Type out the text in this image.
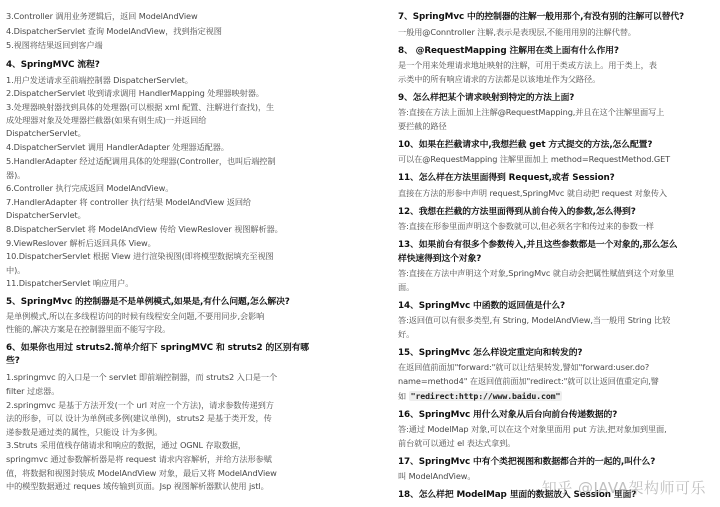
3.Controller 调用业务逻辑后，返回 ModelAndView
4.DispatcherServlet 查询 ModelAndView，找到指定视图
5.视图将结果返回到客户端
4、SpringMVC 流程?
1.用户发送请求至前端控制器 DispatcherServlet。
2.DispatcherServlet 收到请求调用 HandlerMapping 处理器映射器。
3.处理器映射器找到具体的处理器(可以根据 xml 配置、注解进行查找)，生
成处理器对象及处理器拦截器(如果有则生成)一并返回给
DispatcherServlet。
4.DispatcherServlet 调用 HandlerAdapter 处理器适配器。
5.HandlerAdapter 经过适配调用具体的处理器(Controller，也叫后端控制
器)。
6.Controller 执行完成返回 ModelAndView。
7.HandlerAdapter 将 controller 执行结果 ModelAndView 返回给
DispatcherServlet。
8.DispatcherServlet 将 ModelAndView 传给 ViewReslover 视图解析器。
9.ViewReslover 解析后返回具体 View。
10.DispatcherServlet 根据 View 进行渲染视图(即将模型数据填充至视图
中)。
11.DispatcherServlet 响应用户。
5、SpringMvc 的控制器是不是单例模式,如果是,有什么问题,怎么解决?
是单例模式,所以在多线程访问的时候有线程安全问题,不要用同步,会影响
性能的,解决方案是在控制器里面不能写字段。
6、如果你也用过 struts2.简单介绍下 springMVC 和 struts2 的区别有哪
些?
1.springmvc 的入口是一个 servlet 即前端控制器，而 struts2 入口是一个
filter 过虑器。
2.springmvc 是基于方法开发(一个 url 对应一个方法)，请求参数传递到方
法的形参，可以 设计为单例或多例(建议单例)，struts2 是基于类开发，传
递参数是通过类的属性，只能设 计为多例。
3.Struts 采用值栈存储请求和响应的数据，通过 OGNL 存取数据，
springmvc 通过参数解析器是将 request 请求内容解析，并给方法形参赋
值，将数据和视图封装成 ModelAndView 对象，最后又将 ModelAndView
中的模型数据通过 reques 域传输到页面。Jsp 视图解析器默认使用 jstl。
7、SpringMvc 中的控制器的注解一般用那个,有没有别的注解可以替代?
一般用@Conntroller 注解,表示是表现层,不能用用别的注解代替。
8、 @RequestMapping 注解用在类上面有什么作用?
是一个用来处理请求地址映射的注解，可用于类或方法上。用于类上，表
示类中的所有响应请求的方法都是以该地址作为父路径。
9、怎么样把某个请求映射到特定的方法上面?
答:直接在方法上面加上注解@RequestMapping,并且在这个注解里面写上
要拦截的路径
10、如果在拦截请求中,我想拦截 get 方式提交的方法,怎么配置?
可以在@RequestMapping 注解里面加上 method=RequestMethod.GET
11、怎么样在方法里面得到 Request,或者 Session?
直接在方法的形参中声明 request,SpringMvc 就自动把 request 对象传入
12、我想在拦截的方法里面得到从前台传入的参数,怎么得到?
答:直接在形参里面声明这个参数就可以,但必须名字和传过来的参数一样
13、如果前台有很多个参数传入,并且这些参数都是一个对象的,那么怎么
样快速得到这个对象?
答:直接在方法中声明这个对象,SpringMvc 就自动会把属性赋值到这个对象里
面。
14、SpringMvc 中函数的返回值是什么?
答:返回值可以有很多类型,有 String, ModelAndView,当一般用 String 比较
好。
15、SpringMvc 怎么样设定重定向和转发的?
在返回值前面加"forward:"就可以让结果转发,譬如"forward:user.do?
name=method4" 在返回值前面加"redirect:"就可以让返回值重定向,譬
如 "redirect:http://www.baidu.com"
16、SpringMvc 用什么对象从后台向前台传递数据的?
答:通过 ModelMap 对象,可以在这个对象里面用 put 方法,把对象加到里面,
前台就可以通过 el 表达式拿到。
17、SpringMvc 中有个类把视图和数据都合并的一起的,叫什么?
叫 ModelAndView。
18、怎么样把 ModelMap 里面的数据放入 Session 里面?
知乎 @JAVA架构师可乐
